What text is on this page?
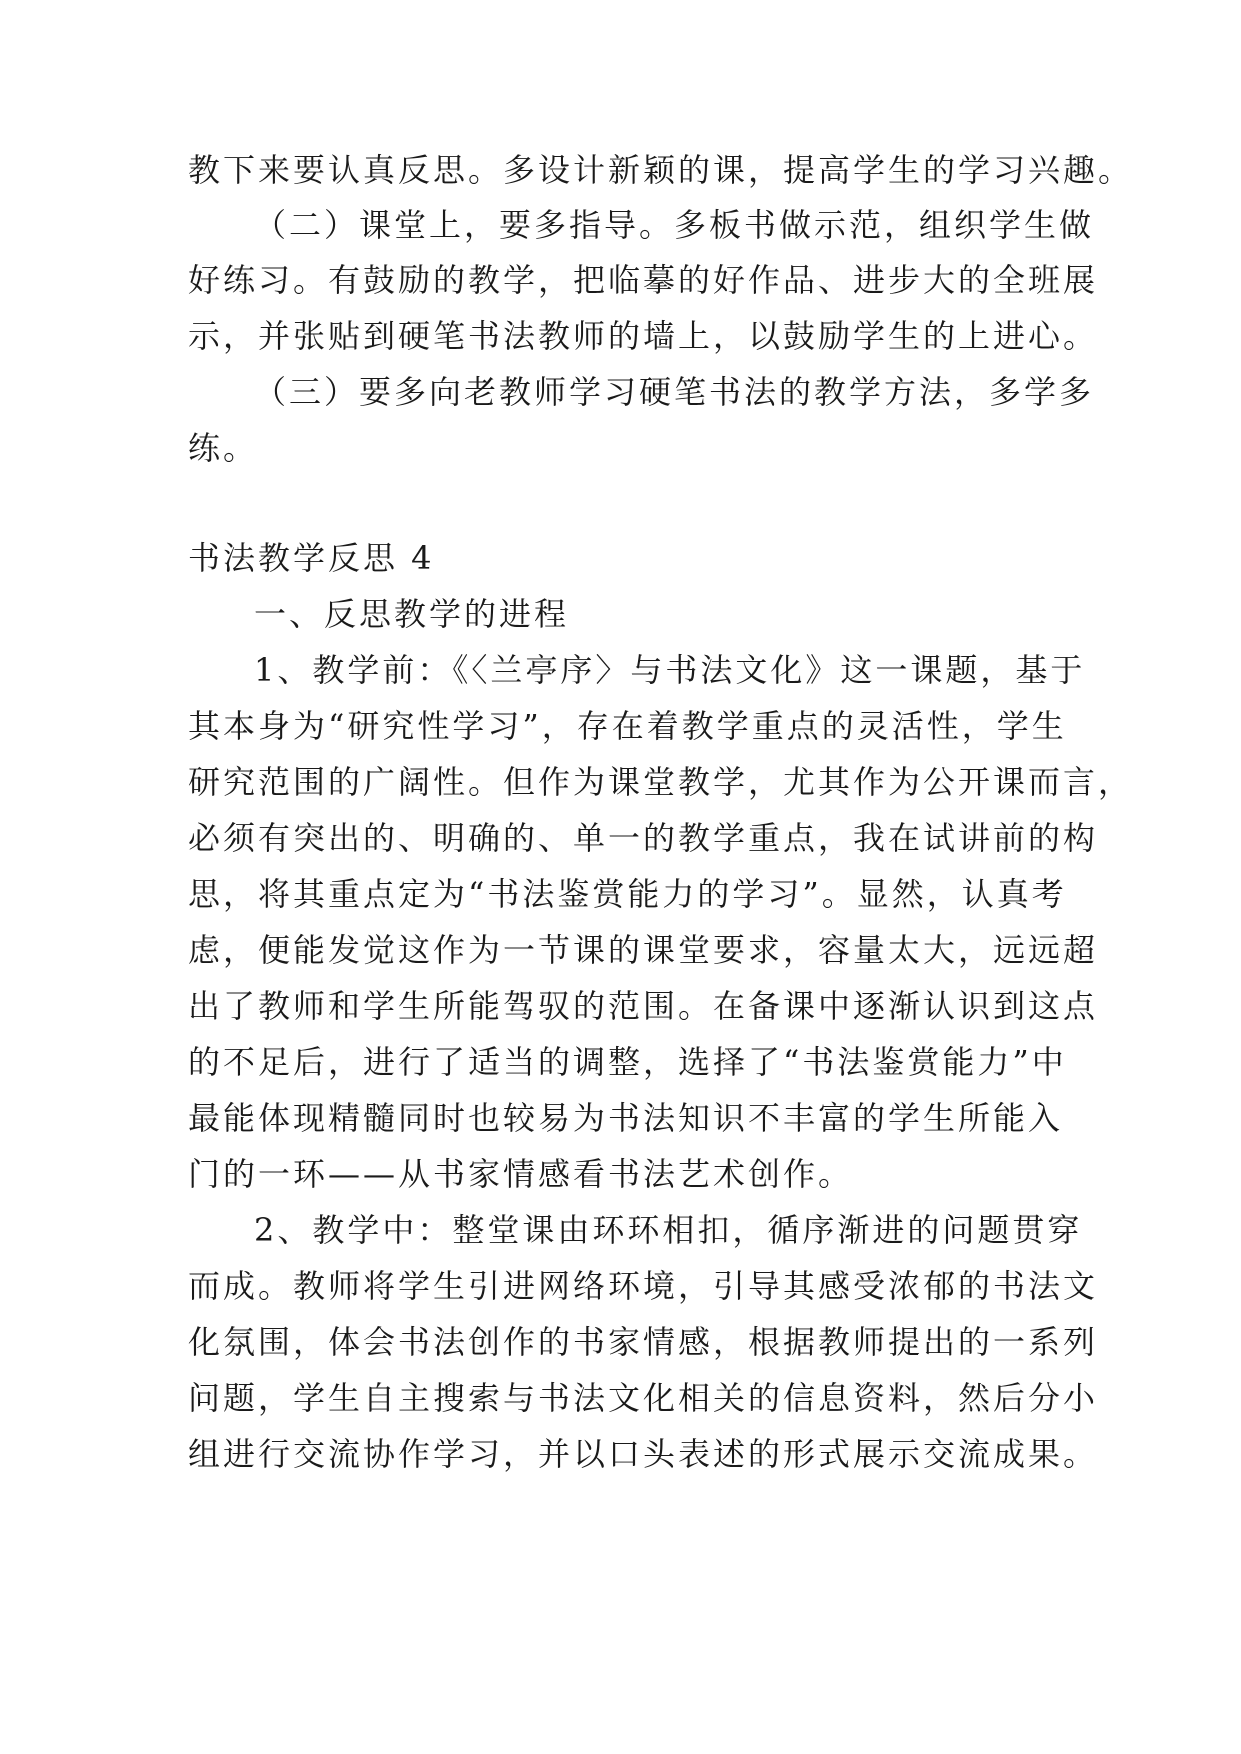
教下来要认真反思。多设计新颖的课，提高学生的学习兴趣。
（二）课堂上，要多指导。多板书做示范，组织学生做
好练习。有鼓励的教学，把临摹的好作品、进步大的全班展
示，并张贴到硬笔书法教师的墙上，以鼓励学生的上进心。
（三）要多向老教师学习硬笔书法的教学方法，多学多
练。
书法教学反思 4
一、反思教学的进程
1、教学前：《〈兰亭序〉与书法文化》这一课题，基于
其本身为“研究性学习”，存在着教学重点的灵活性，学生
研究范围的广阔性。但作为课堂教学，尤其作为公开课而言，
必须有突出的、明确的、单一的教学重点，我在试讲前的构
思，将其重点定为“书法鉴赏能力的学习”。显然，认真考
虑，便能发觉这作为一节课的课堂要求，容量太大，远远超
出了教师和学生所能驾驭的范围。在备课中逐渐认识到这点
的不足后，进行了适当的调整，选择了“书法鉴赏能力”中
最能体现精髓同时也较易为书法知识不丰富的学生所能入
门的一环——从书家情感看书法艺术创作。
2、教学中：整堂课由环环相扣，循序渐进的问题贯穿
而成。教师将学生引进网络环境，引导其感受浓郁的书法文
化氛围，体会书法创作的书家情感，根据教师提出的一系列
问题，学生自主搜索与书法文化相关的信息资料，然后分小
组进行交流协作学习，并以口头表述的形式展示交流成果。
